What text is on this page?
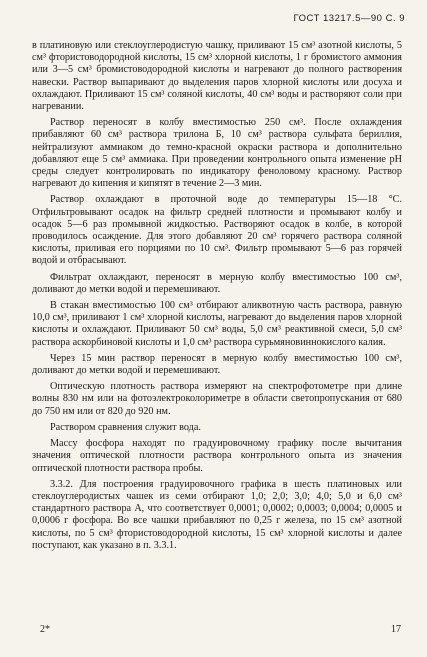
ГОСТ 13217.5—90 С. 9

в платиновую или стеклоуглеродистую чашку, приливают 15 см³ азотной кислоты, 5 см³ фтористоводородной кислоты, 15 см³ хлорной кислоты, 1 г бромистого аммония или 3—5 см³ бромистоводородной кислоты и нагревают до полного растворения навески. Раствор выпаривают до выделения паров хлорной кислоты или досуха и охлаждают. Приливают 15 см³ соляной кислоты, 40 см³ воды и растворяют соли при нагревании.

Раствор переносят в колбу вместимостью 250 см³. После охлаждения прибавляют 60 см³ раствора трилона Б, 10 см³ раствора сульфата бериллия, нейтрализуют аммиаком до темно-красной окраски раствора и дополнительно добавляют еще 5 см³ аммиака. При проведении контрольного опыта изменение pH среды следует контролировать по индикатору феноловому красному. Раствор нагревают до кипения и кипятят в течение 2—3 мин.

Раствор охлаждают в проточной воде до температуры 15—18 °С. Отфильтровывают осадок на фильтр средней плотности и промывают колбу и осадок 5—6 раз промывной жидкостью. Растворяют осадок в колбе, в которой проводилось осаждение. Для этого добавляют 20 см³ горячего раствора соляной кислоты, приливая его порциями по 10 см³. Фильтр промывают 5—6 раз горячей водой и отбрасывают.

Фильтрат охлаждают, переносят в мерную колбу вместимостью 100 см³, доливают до метки водой и перемешивают.

В стакан вместимостью 100 см³ отбирают аликвотную часть раствора, равную 10,0 см³, приливают 1 см³ хлорной кислоты, нагревают до выделения паров хлорной кислоты и охлаждают. Приливают 50 см³ воды, 5,0 см³ реактивной смеси, 5,0 см³ раствора аскорбиновой кислоты и 1,0 см³ раствора сурьмяновиннокислого калия.

Через 15 мин раствор переносят в мерную колбу вместимостью 100 см³, доливают до метки водой и перемешивают.

Оптическую плотность раствора измеряют на спектрофотометре при длине волны 830 нм или на фотоэлектроколориметре в области светопропускания от 680 до 750 нм или от 820 до 920 нм.

Раствором сравнения служит вода.

Массу фосфора находят по градуировочному графику после вычитания значения оптической плотности раствора контрольного опыта из значения оптической плотности раствора пробы.

3.3.2. Для построения градуировочного графика в шесть платиновых или стеклоуглеродистых чашек из семи отбирают 1,0; 2,0; 3,0; 4,0; 5,0 и 6,0 см³ стандартного раствора А, что соответствует 0,0001; 0,0002; 0,0003; 0,0004; 0,0005 и 0,0006 г фосфора. Во все чашки прибавляют по 0,25 г железа, по 15 см³ азотной кислоты, по 5 см³ фтористоводородной кислоты, 15 см³ хлорной кислоты и далее поступают, как указано в п. 3.3.1.

2*	17
